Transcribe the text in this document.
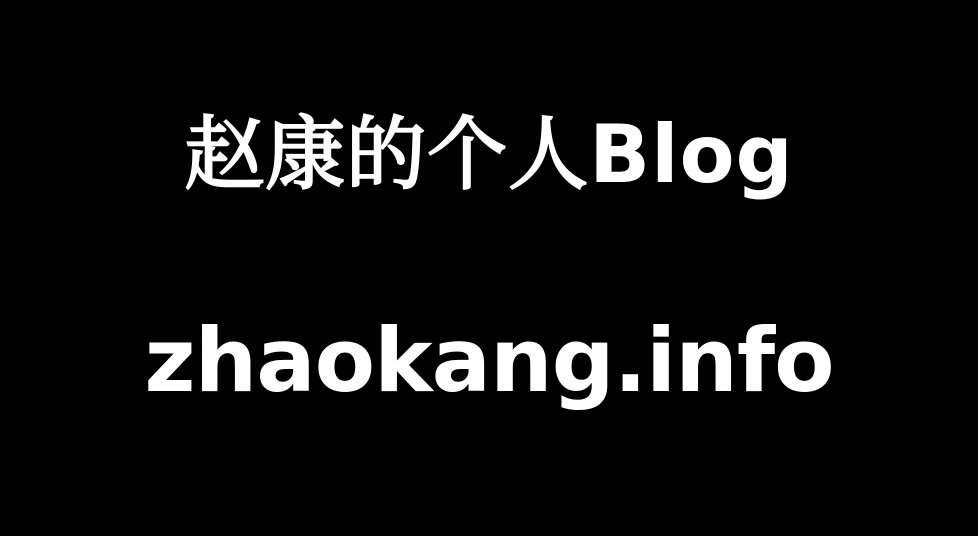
赵康的个人Blog
zhaokang.info
